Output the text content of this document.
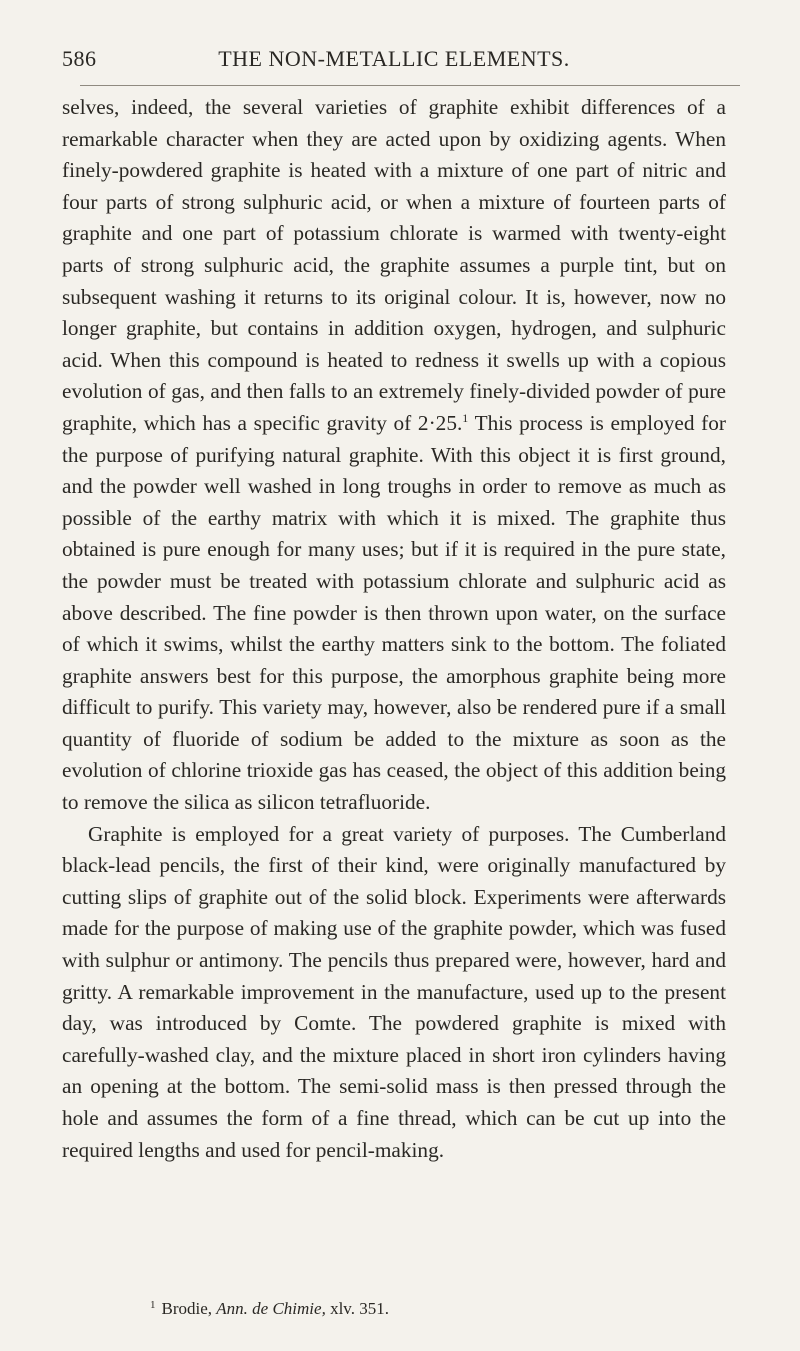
586	THE NON-METALLIC ELEMENTS.

selves, indeed, the several varieties of graphite exhibit differences of a remarkable character when they are acted upon by oxidizing agents. When finely-powdered graphite is heated with a mixture of one part of nitric and four parts of strong sulphuric acid, or when a mixture of fourteen parts of graphite and one part of potassium chlorate is warmed with twenty-eight parts of strong sulphuric acid, the graphite assumes a purple tint, but on subsequent washing it returns to its original colour. It is, however, now no longer graphite, but contains in addition oxygen, hydrogen, and sulphuric acid. When this compound is heated to redness it swells up with a copious evolution of gas, and then falls to an extremely finely-divided powder of pure graphite, which has a specific gravity of 2·25.$^1$ This process is employed for the purpose of purifying natural graphite. With this object it is first ground, and the powder well washed in long troughs in order to remove as much as possible of the earthy matrix with which it is mixed. The graphite thus obtained is pure enough for many uses; but if it is required in the pure state, the powder must be treated with potassium chlorate and sulphuric acid as above described. The fine powder is then thrown upon water, on the surface of which it swims, whilst the earthy matters sink to the bottom. The foliated graphite answers best for this purpose, the amorphous graphite being more difficult to purify. This variety may, however, also be rendered pure if a small quantity of fluoride of sodium be added to the mixture as soon as the evolution of chlorine trioxide gas has ceased, the object of this addition being to remove the silica as silicon tetrafluoride.

Graphite is employed for a great variety of purposes. The Cumberland black-lead pencils, the first of their kind, were originally manufactured by cutting slips of graphite out of the solid block. Experiments were afterwards made for the purpose of making use of the graphite powder, which was fused with sulphur or antimony. The pencils thus prepared were, however, hard and gritty. A remarkable improvement in the manufacture, used up to the present day, was introduced by Comte. The powdered graphite is mixed with carefully-washed clay, and the mixture placed in short iron cylinders having an opening at the bottom. The semi-solid mass is then pressed through the hole and assumes the form of a fine thread, which can be cut up into the required lengths and used for pencil-making.

$^1$ Brodie, Ann. de Chimie, xlv. 351.
